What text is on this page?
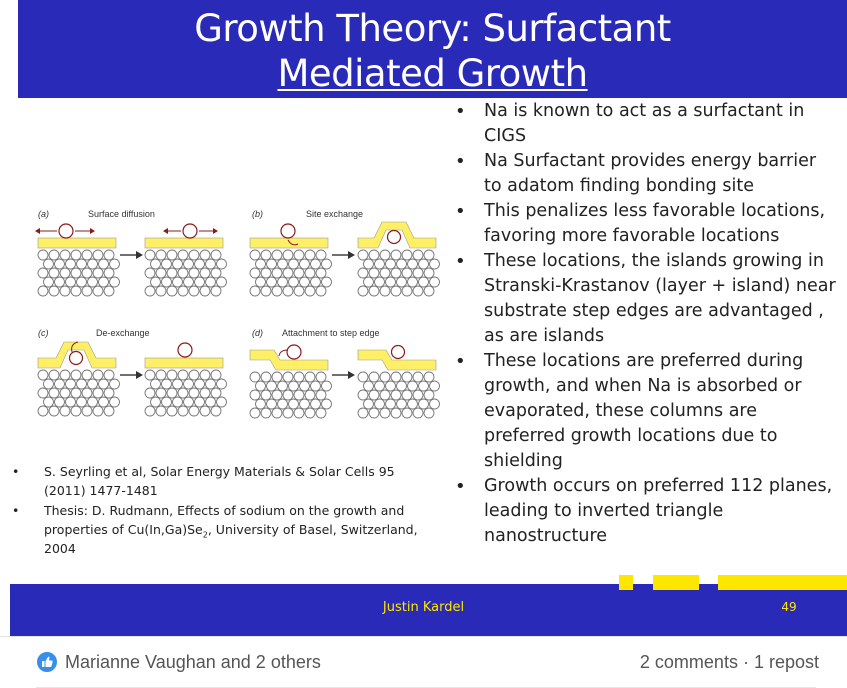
Growth Theory: Surfactant
Mediated Growth
(a)	Surface diffusion	(b)	Site exchange
(c)	De-exchange	(d) Attachment to step edge
• Na is known to act as a surfactant in CIGS
• Na Surfactant provides energy barrier to adatom finding bonding site
• This penalizes less favorable locations, favoring more favorable locations
• These locations, the islands growing in Stranski-Krastanov (layer + island) near substrate step edges are advantaged , as are islands
• These locations are preferred during growth, and when Na is absorbed or evaporated, these columns are preferred growth locations due to shielding
• Growth occurs on preferred 112 planes, leading to inverted triangle nanostructure
• S. Seyrling et al, Solar Energy Materials & Solar Cells 95 (2011) 1477-1481
• Thesis: D. Rudmann, Effects of sodium on the growth and properties of $Cu(In,Ga)Se_2$, University of Basel, Switzerland, 2004
Justin Kardel	49
Marianne Vaughan and 2 others	2 comments · 1 repost
